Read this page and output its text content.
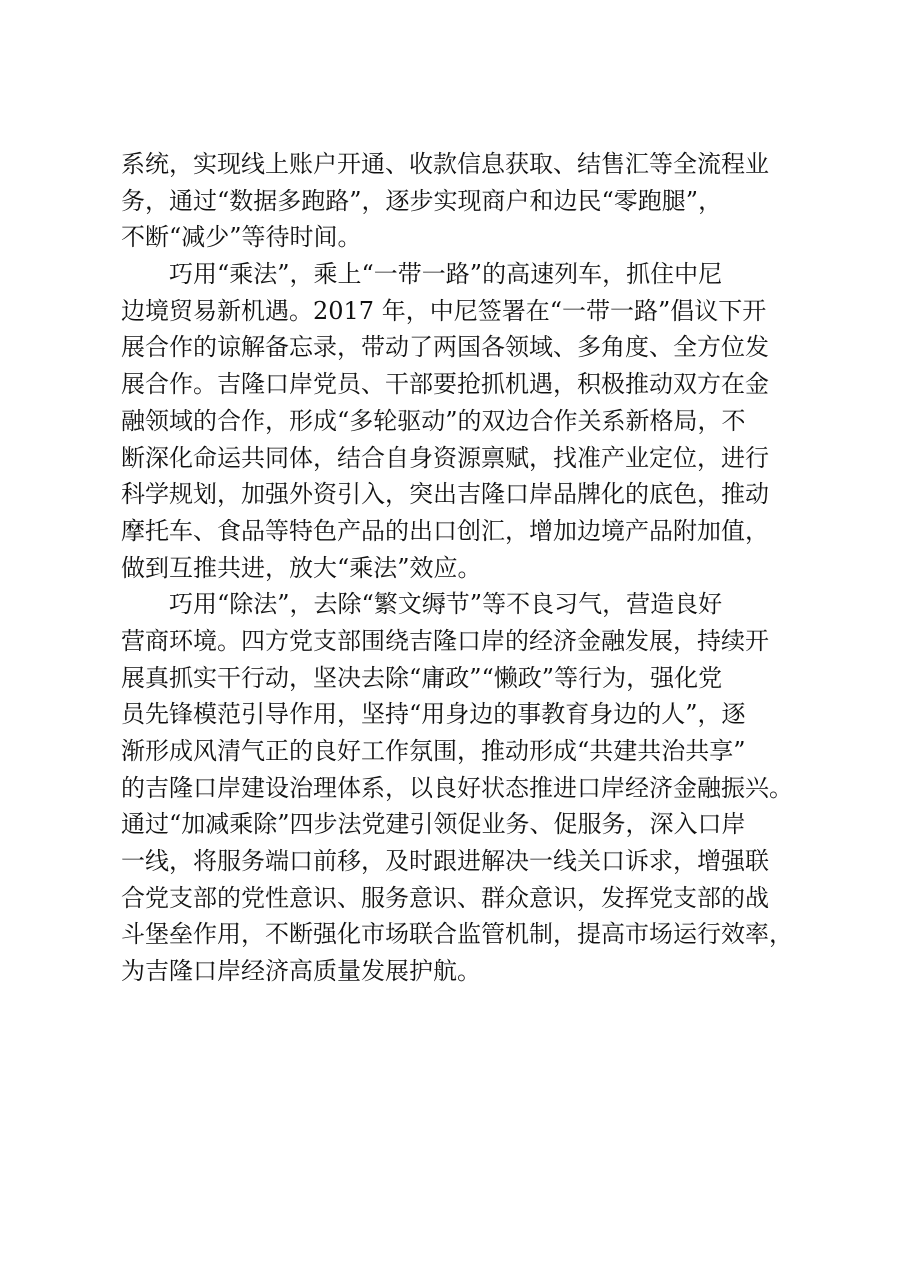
系统，实现线上账户开通、收款信息获取、结售汇等全流程业
务，通过“数据多跑路”，逐步实现商户和边民“零跑腿”，
不断“减少”等待时间。
　　巧用“乘法”，乘上“一带一路”的高速列车，抓住中尼
边境贸易新机遇。2017 年，中尼签署在“一带一路”倡议下开
展合作的谅解备忘录，带动了两国各领域、多角度、全方位发
展合作。吉隆口岸党员、干部要抢抓机遇，积极推动双方在金
融领域的合作，形成“多轮驱动”的双边合作关系新格局，不
断深化命运共同体，结合自身资源禀赋，找准产业定位，进行
科学规划，加强外资引入，突出吉隆口岸品牌化的底色，推动
摩托车、食品等特色产品的出口创汇，增加边境产品附加值，
做到互推共进，放大“乘法”效应。
　　巧用“除法”，去除“繁文缛节”等不良习气，营造良好
营商环境。四方党支部围绕吉隆口岸的经济金融发展，持续开
展真抓实干行动，坚决去除“庸政”“懒政”等行为，强化党
员先锋模范引导作用，坚持“用身边的事教育身边的人”，逐
渐形成风清气正的良好工作氛围，推动形成“共建共治共享”
的吉隆口岸建设治理体系，以良好状态推进口岸经济金融振兴。
通过“加减乘除”四步法党建引领促业务、促服务，深入口岸
一线，将服务端口前移，及时跟进解决一线关口诉求，增强联
合党支部的党性意识、服务意识、群众意识，发挥党支部的战
斗堡垒作用，不断强化市场联合监管机制，提高市场运行效率，
为吉隆口岸经济高质量发展护航。
